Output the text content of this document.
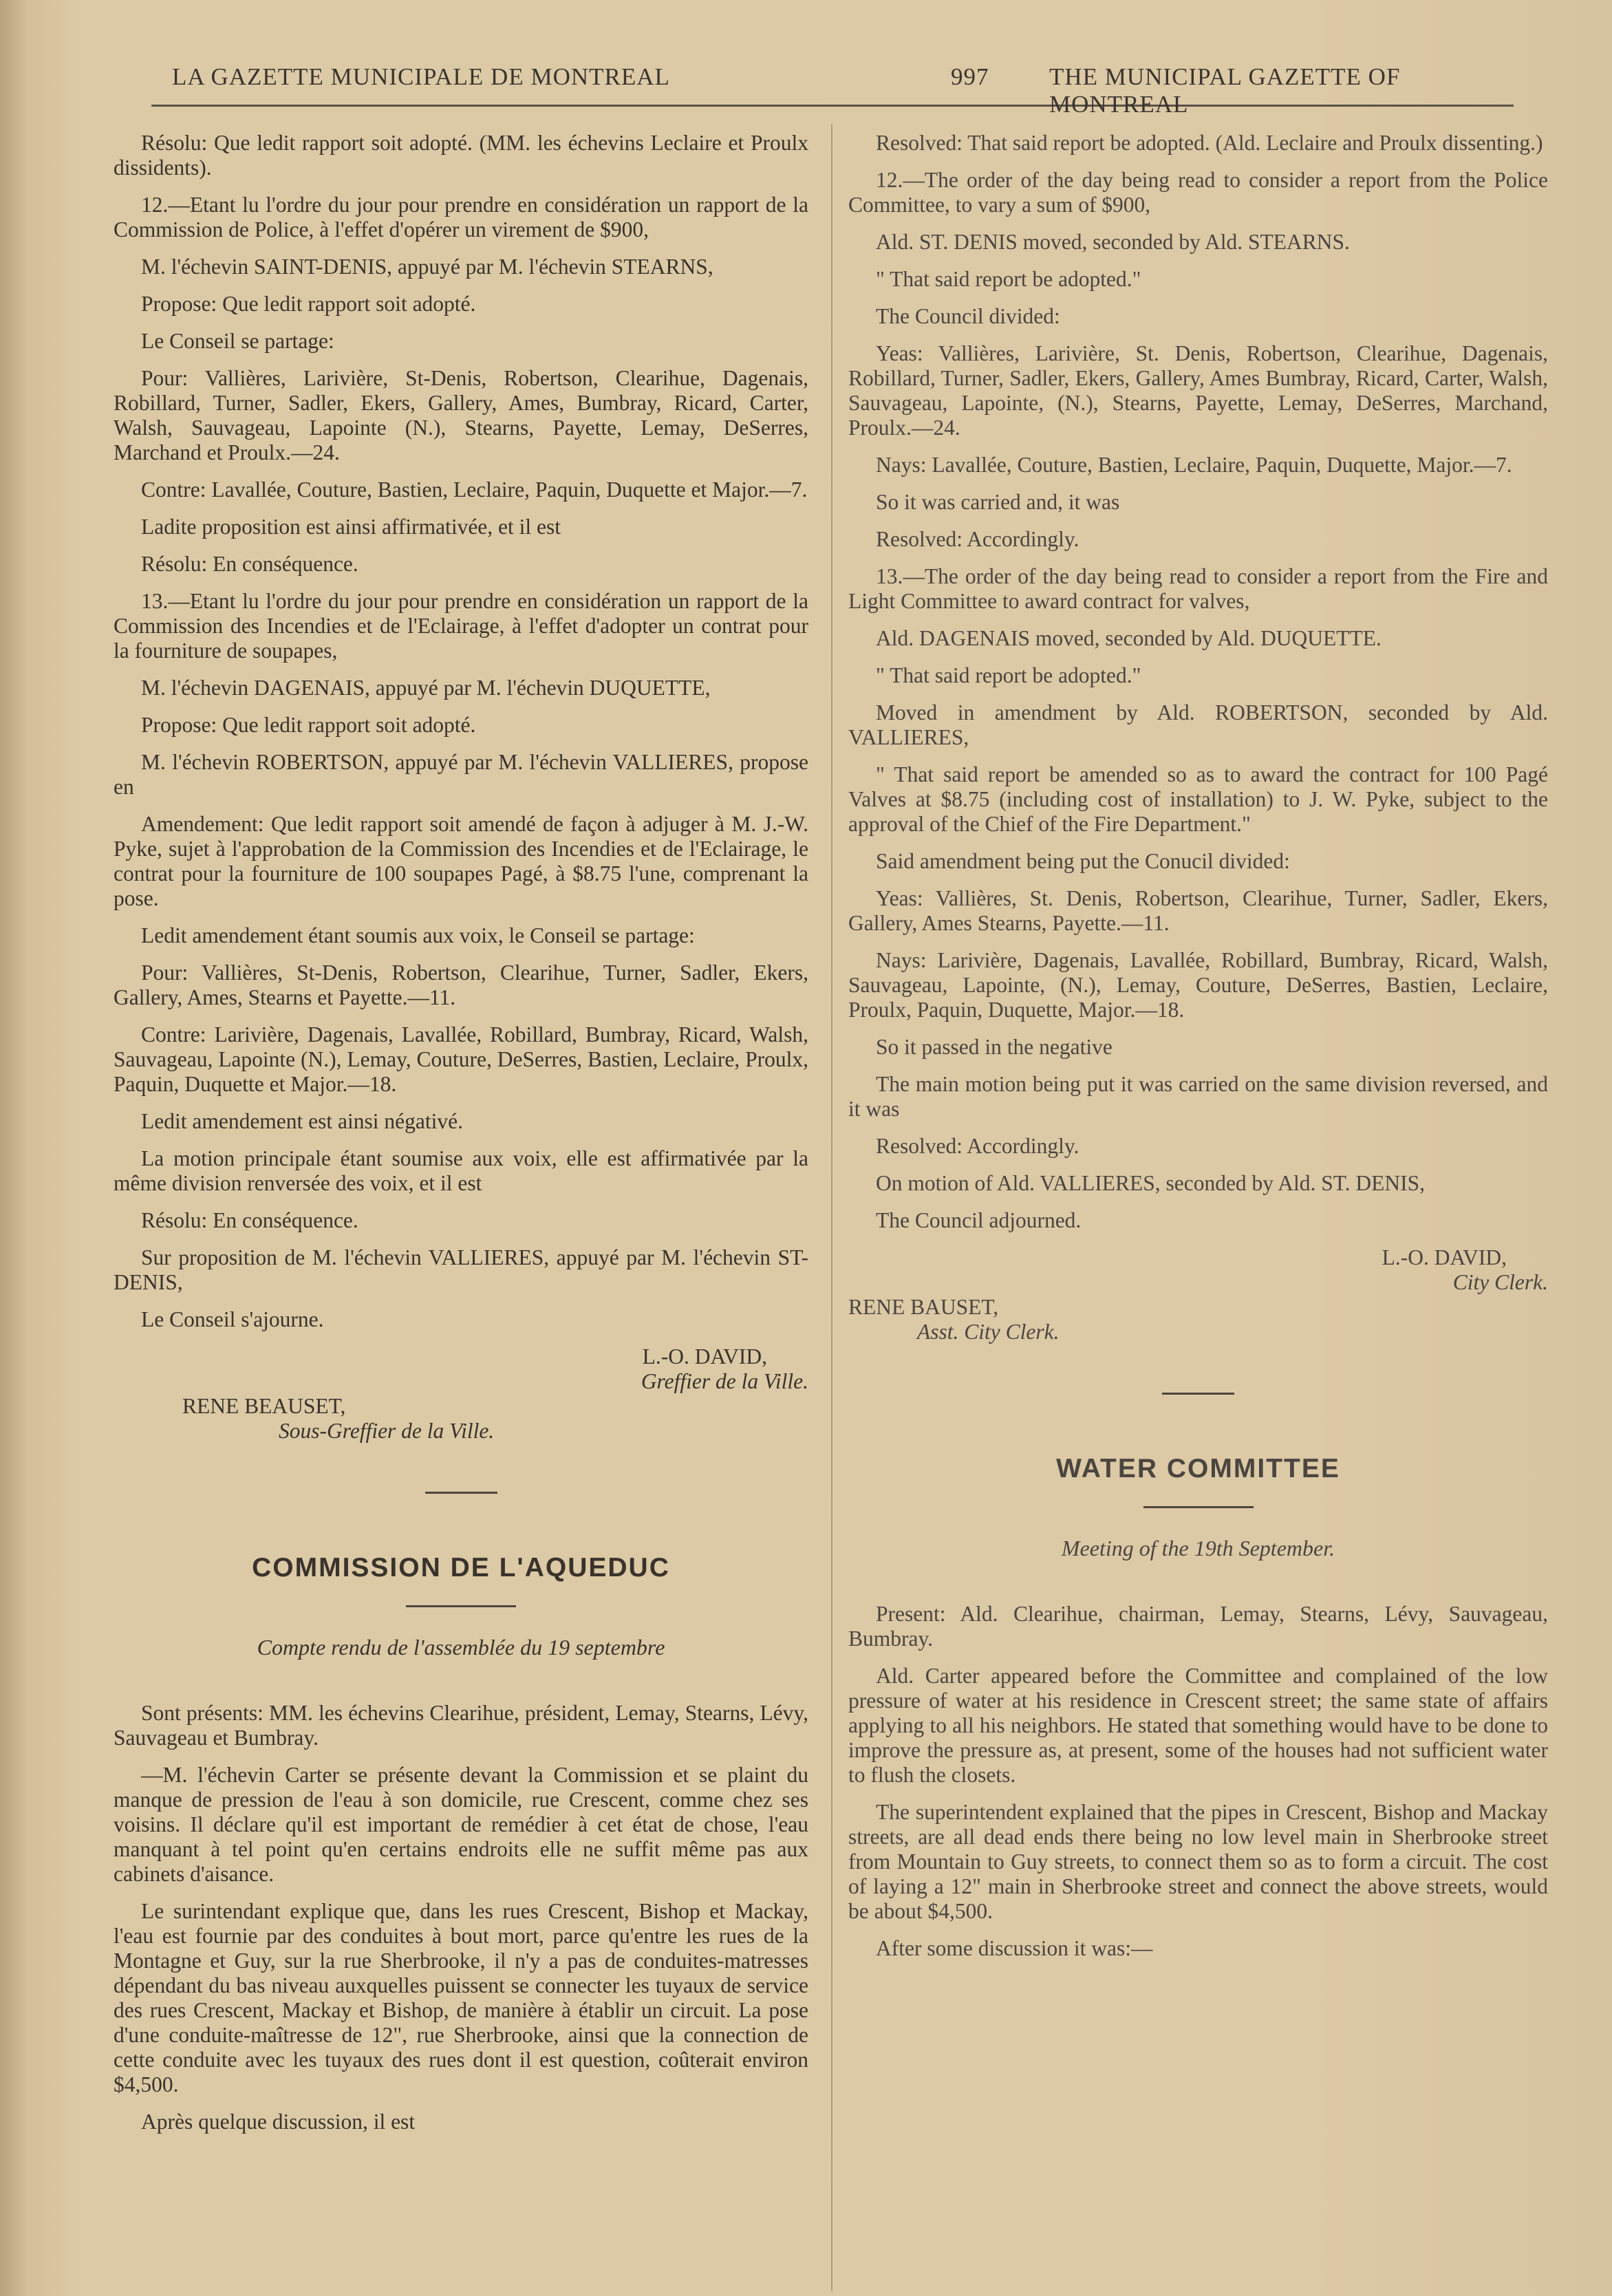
LA GAZETTE MUNICIPALE DE MONTREAL	997	THE MUNICIPAL GAZETTE OF MONTREAL

Résolu: Que ledit rapport soit adopté. (MM. les échevins Leclaire et Proulx dissidents).

12.—Etant lu l'ordre du jour pour prendre en considération un rapport de la Commission de Police, à l'effet d'opérer un virement de $900,

M. l'échevin SAINT-DENIS, appuyé par M. l'échevin STEARNS,

Propose: Que ledit rapport soit adopté.

Le Conseil se partage:

Pour: Vallières, Larivière, St-Denis, Robertson, Clearihue, Dagenais, Robillard, Turner, Sadler, Ekers, Gallery, Ames, Bumbray, Ricard, Carter, Walsh, Sauvageau, Lapointe (N.), Stearns, Payette, Lemay, DeSerres, Marchand et Proulx.—24.

Contre: Lavallée, Couture, Bastien, Leclaire, Paquin, Duquette et Major.—7.

Ladite proposition est ainsi affirmativée, et il est

Résolu: En conséquence.

13.—Etant lu l'ordre du jour pour prendre en considération un rapport de la Commission des Incendies et de l'Eclairage, à l'effet d'adopter un contrat pour la fourniture de soupapes,

M. l'échevin DAGENAIS, appuyé par M. l'échevin DUQUETTE,

Propose: Que ledit rapport soit adopté.

M. l'échevin ROBERTSON, appuyé par M. l'échevin VALLIERES, propose en

Amendement: Que ledit rapport soit amendé de façon à adjuger à M. J.-W. Pyke, sujet à l'approbation de la Commission des Incendies et de l'Eclairage, le contrat pour la fourniture de 100 soupapes Pagé, à $8.75 l'une, comprenant la pose.

Ledit amendement étant soumis aux voix, le Conseil se partage:

Pour: Vallières, St-Denis, Robertson, Clearihue, Turner, Sadler, Ekers, Gallery, Ames, Stearns et Payette.—11.

Contre: Larivière, Dagenais, Lavallée, Robillard, Bumbray, Ricard, Walsh, Sauvageau, Lapointe (N.), Lemay, Couture, DeSerres, Bastien, Leclaire, Proulx, Paquin, Duquette et Major.—18.

Ledit amendement est ainsi négativé.

La motion principale étant soumise aux voix, elle est affirmativée par la même division renversée des voix, et il est

Résolu: En conséquence.

Sur proposition de M. l'échevin VALLIERES, appuyé par M. l'échevin ST-DENIS,

Le Conseil s'ajourne.

L.-O. DAVID,

Greffier de la Ville.

RENE BEAUSET,

Sous-Greffier de la Ville.

COMMISSION DE L'AQUEDUC
Compte rendu de l'assemblée du 19 septembre

Sont présents: MM. les échevins Clearihue, président, Lemay, Stearns, Lévy, Sauvageau et Bumbray.

—M. l'échevin Carter se présente devant la Commission et se plaint du manque de pression de l'eau à son domicile, rue Crescent, comme chez ses voisins. Il déclare qu'il est important de remédier à cet état de chose, l'eau manquant à tel point qu'en certains endroits elle ne suffit même pas aux cabinets d'aisance.

Le surintendant explique que, dans les rues Crescent, Bishop et Mackay, l'eau est fournie par des conduites à bout mort, parce qu'entre les rues de la Montagne et Guy, sur la rue Sherbrooke, il n'y a pas de conduites-matresses dépendant du bas niveau auxquelles puissent se connecter les tuyaux de service des rues Crescent, Mackay et Bishop, de manière à établir un circuit. La pose d'une conduite-maîtresse de 12", rue Sherbrooke, ainsi que la connection de cette conduite avec les tuyaux des rues dont il est question, coûterait environ $4,500.

Après quelque discussion, il est

Resolved: That said report be adopted. (Ald. Leclaire and Proulx dissenting.)

12.—The order of the day being read to consider a report from the Police Committee, to vary a sum of $900,

Ald. ST. DENIS moved, seconded by Ald. STEARNS.

" That said report be adopted."

The Council divided:

Yeas: Vallières, Larivière, St. Denis, Robertson, Clearihue, Dagenais, Robillard, Turner, Sadler, Ekers, Gallery, Ames Bumbray, Ricard, Carter, Walsh, Sauvageau, Lapointe, (N.), Stearns, Payette, Lemay, DeSerres, Marchand, Proulx.—24.

Nays: Lavallée, Couture, Bastien, Leclaire, Paquin, Duquette, Major.—7.

So it was carried and, it was

Resolved: Accordingly.

13.—The order of the day being read to consider a report from the Fire and Light Committee to award contract for valves,

Ald. DAGENAIS moved, seconded by Ald. DUQUETTE.

" That said report be adopted."

Moved in amendment by Ald. ROBERTSON, seconded by Ald. VALLIERES,

" That said report be amended so as to award the contract for 100 Pagé Valves at $8.75 (including cost of installation) to J. W. Pyke, subject to the approval of the Chief of the Fire Department."

Said amendment being put the Conucil divided:

Yeas: Vallières, St. Denis, Robertson, Clearihue, Turner, Sadler, Ekers, Gallery, Ames Stearns, Payette.—11.

Nays: Larivière, Dagenais, Lavallée, Robillard, Bumbray, Ricard, Walsh, Sauvageau, Lapointe, (N.), Lemay, Couture, DeSerres, Bastien, Leclaire, Proulx, Paquin, Duquette, Major.—18.

So it passed in the negative

The main motion being put it was carried on the same division reversed, and it was

Resolved: Accordingly.

On motion of Ald. VALLIERES, seconded by Ald. ST. DENIS,

The Council adjourned.

L.-O. DAVID,

City Clerk.

RENE BAUSET,

Asst. City Clerk.

WATER COMMITTEE
Meeting of the 19th September.

Present: Ald. Clearihue, chairman, Lemay, Stearns, Lévy, Sauvageau, Bumbray.

Ald. Carter appeared before the Committee and complained of the low pressure of water at his residence in Crescent street; the same state of affairs applying to all his neighbors. He stated that something would have to be done to improve the pressure as, at present, some of the houses had not sufficient water to flush the closets.

The superintendent explained that the pipes in Crescent, Bishop and Mackay streets, are all dead ends there being no low level main in Sherbrooke street from Mountain to Guy streets, to connect them so as to form a circuit. The cost of laying a 12" main in Sherbrooke street and connect the above streets, would be about $4,500.

After some discussion it was:—
